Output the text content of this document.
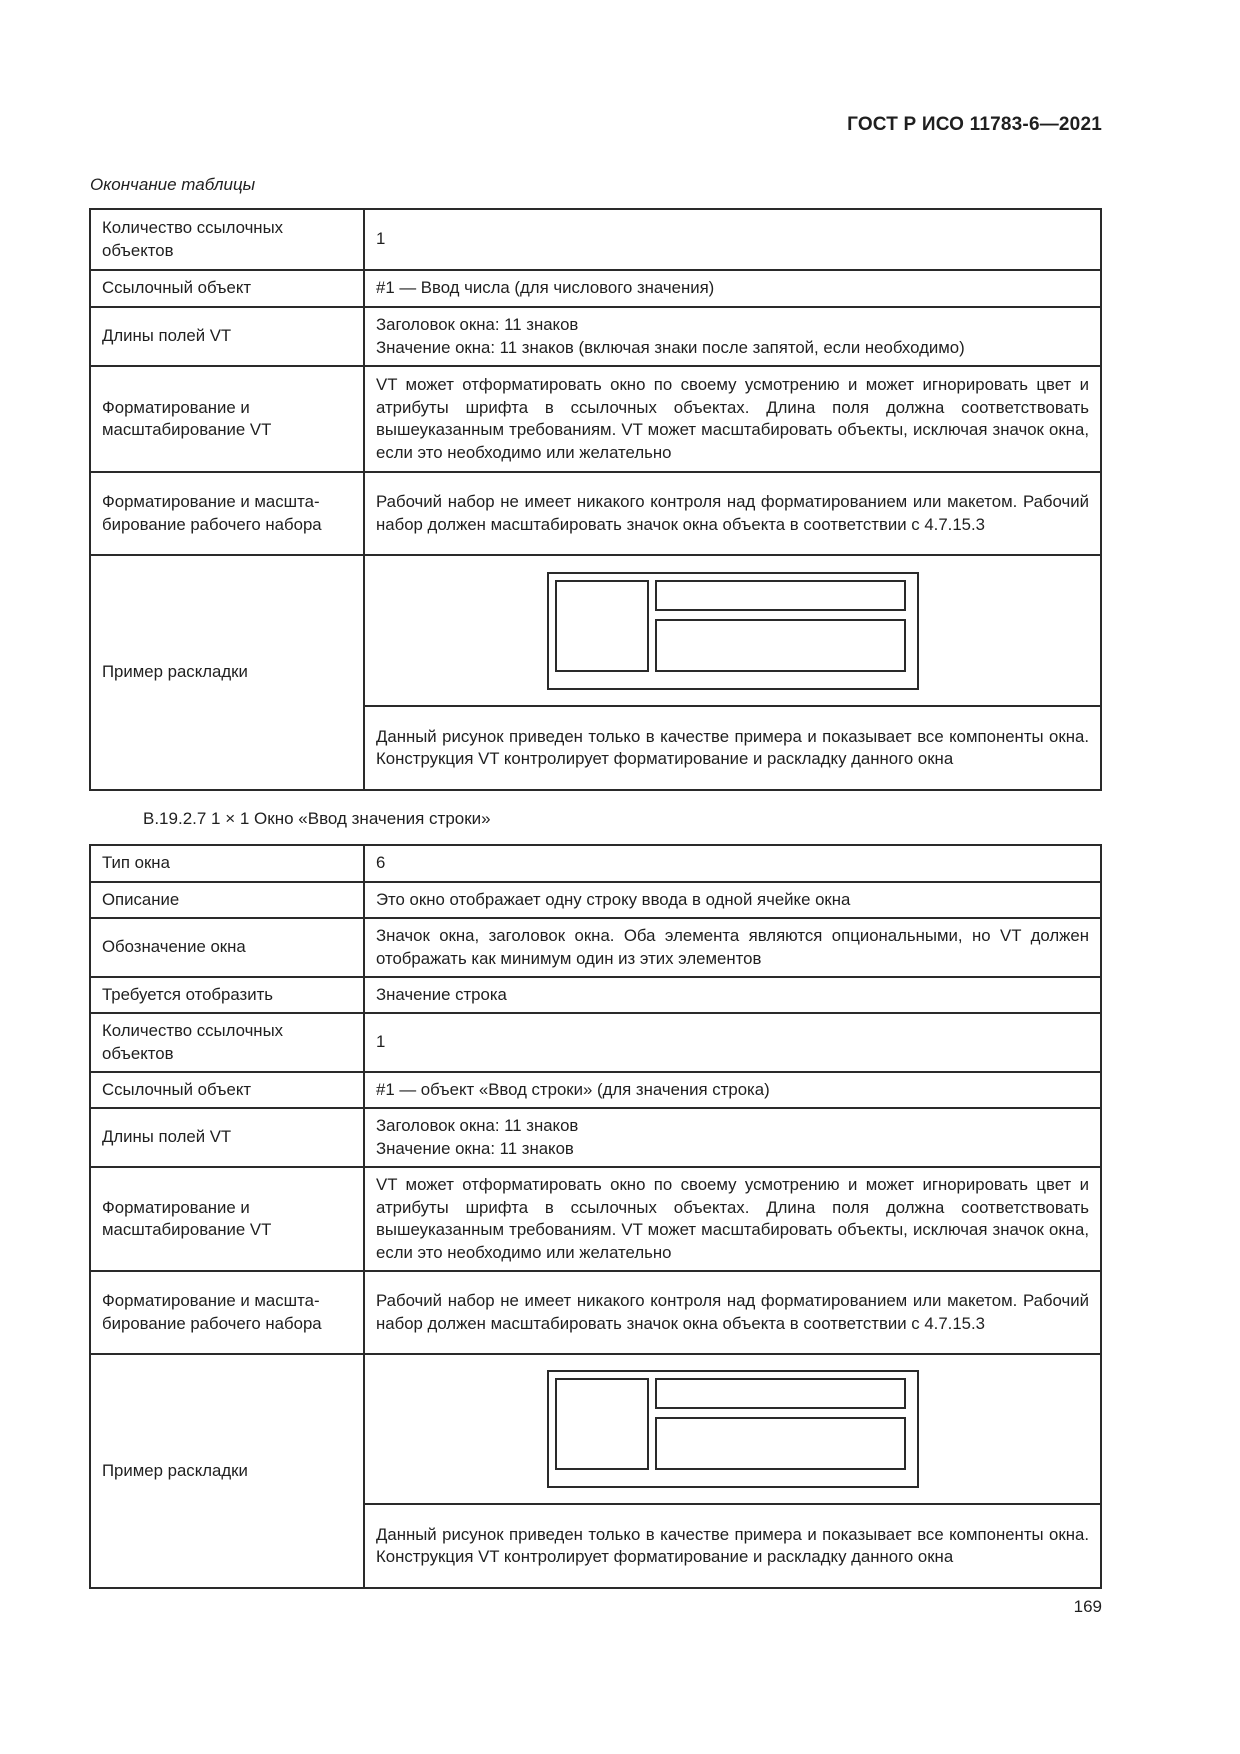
ГОСТ Р ИСО 11783-6—2021
Окончание таблицы
Количество ссылочных объектов	1
Ссылочный объект	#1 — Ввод числа (для числового значения)
Длины полей VT	Заголовок окна: 11 знаков
Значение окна: 11 знаков (включая знаки после запятой, если необходимо)

Форматирование и масштабирование VT	VT может отформатировать окно по своему усмотрению и может игнорировать цвет и атрибуты шрифта в ссылочных объектах. Длина поля должна соответствовать вышеуказанным требованиям. VT может масштабировать объекты, исключая значок окна, если это необходимо или желательно
Форматирование и масштабирование рабочего набора	Рабочий набор не имеет никакого контроля над форматированием или макетом. Рабочий набор должен масштабировать значок окна объекта в соответствии с 4.7.15.3
Пример раскладки	

	Данный рисунок приведен только в качестве примера и показывает все компоненты окна. Конструкция VT контролирует форматирование и раскладку данного окна
В.19.2.7 1 × 1 Окно «Ввод значения строки»
Тип окна	6
Описание	Это окно отображает одну строку ввода в одной ячейке окна
Обозначение окна	Значок окна, заголовок окна. Оба элемента являются опциональными, но VT должен отображать как минимум один из этих элементов
Требуется отобразить	Значение строка
Количество ссылочных объектов	1
Ссылочный объект	#1 — объект «Ввод строки» (для значения строка)
Длины полей VT	Заголовок окна: 11 знаков
Значение окна: 11 знаков

Форматирование и масштабирование VT	VT может отформатировать окно по своему усмотрению и может игнорировать цвет и атрибуты шрифта в ссылочных объектах. Длина поля должна соответствовать вышеуказанным требованиям. VT может масштабировать объекты, исключая значок окна, если это необходимо или желательно
Форматирование и масштабирование рабочего набора	Рабочий набор не имеет никакого контроля над форматированием или макетом. Рабочий набор должен масштабировать значок окна объекта в соответствии с 4.7.15.3
Пример раскладки	

	Данный рисунок приведен только в качестве примера и показывает все компоненты окна. Конструкция VT контролирует форматирование и раскладку данного окна
169
